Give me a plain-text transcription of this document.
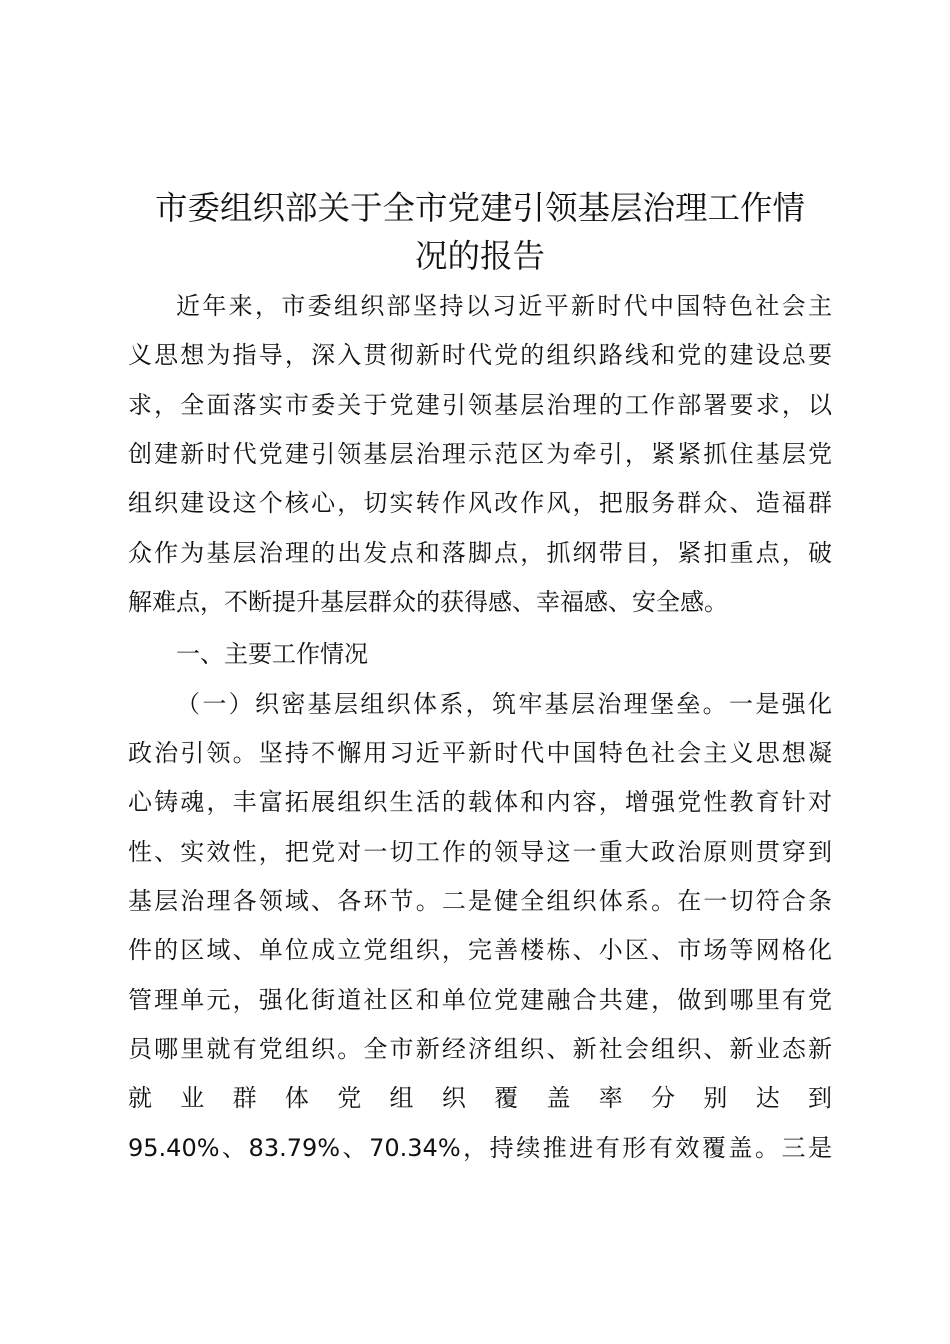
市委组织部关于全市党建引领基层治理工作情
况的报告
近年来，市委组织部坚持以习近平新时代中国特色社会主
义思想为指导，深入贯彻新时代党的组织路线和党的建设总要
求，全面落实市委关于党建引领基层治理的工作部署要求，以
创建新时代党建引领基层治理示范区为牵引，紧紧抓住基层党
组织建设这个核心，切实转作风改作风，把服务群众、造福群
众作为基层治理的出发点和落脚点，抓纲带目，紧扣重点，破
解难点，不断提升基层群众的获得感、幸福感、安全感。
一、主要工作情况
（一）织密基层组织体系，筑牢基层治理堡垒。一是强化
政治引领。坚持不懈用习近平新时代中国特色社会主义思想凝
心铸魂，丰富拓展组织生活的载体和内容，增强党性教育针对
性、实效性，把党对一切工作的领导这一重大政治原则贯穿到
基层治理各领域、各环节。二是健全组织体系。在一切符合条
件的区域、单位成立党组织，完善楼栋、小区、市场等网格化
管理单元，强化街道社区和单位党建融合共建，做到哪里有党
员哪里就有党组织。全市新经济组织、新社会组织、新业态新
就业群体党组织覆盖率分别达到
95.40%、83.79%、70.34%，持续推进有形有效覆盖。三是
